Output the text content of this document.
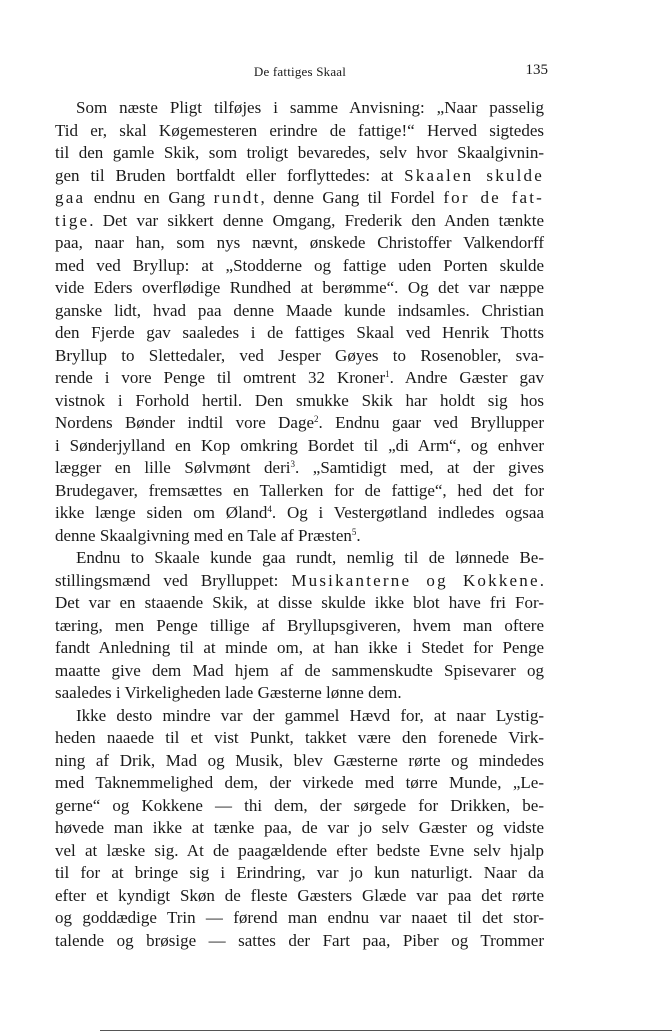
De fattiges Skaal	135
Som næste Pligt tilføjes i samme Anvisning: „Naar passelig
Tid er, skal Køgemesteren erindre de fattige!“ Herved sigtedes
til den gamle Skik, som troligt bevaredes, selv hvor Skaalgivnin-
gen til Bruden bortfaldt eller forflyttedes: at Skaalen skulde
gaa endnu en Gang rundt, denne Gang til Fordel for de fat-
tige. Det var sikkert denne Omgang, Frederik den Anden tænkte
paa, naar han, som nys nævnt, ønskede Christoffer Valkendorff
med ved Bryllup: at „Stodderne og fattige uden Porten skulde
vide Eders overflødige Rundhed at berømme“. Og det var næppe
ganske lidt, hvad paa denne Maade kunde indsamles. Christian
den Fjerde gav saaledes i de fattiges Skaal ved Henrik Thotts
Bryllup to Slettedaler, ved Jesper Gøyes to Rosenobler, sva-
rende i vore Penge til omtrent 32 Kroner$^1$. Andre Gæster gav
vistnok i Forhold hertil. Den smukke Skik har holdt sig hos
Nordens Bønder indtil vore Dage$^2$. Endnu gaar ved Bryllupper
i Sønderjylland en Kop omkring Bordet til „di Arm“, og enhver
lægger en lille Sølvmønt deri$^3$. „Samtidigt med, at der gives
Brudegaver, fremsættes en Tallerken for de fattige“, hed det for
ikke længe siden om Øland$^4$. Og i Vestergøtland indledes ogsaa
denne Skaalgivning med en Tale af Præsten$^5$.
Endnu to Skaale kunde gaa rundt, nemlig til de lønnede Be-
stillingsmænd ved Brylluppet: Musikanterne og Kokkene.
Det var en staaende Skik, at disse skulde ikke blot have fri For-
tæring, men Penge tillige af Bryllupsgiveren, hvem man oftere
fandt Anledning til at minde om, at han ikke i Stedet for Penge
maatte give dem Mad hjem af de sammenskudte Spisevarer og
saaledes i Virkeligheden lade Gæsterne lønne dem.
Ikke desto mindre var der gammel Hævd for, at naar Lystig-
heden naaede til et vist Punkt, takket være den forenede Virk-
ning af Drik, Mad og Musik, blev Gæsterne rørte og mindedes
med Taknemmelighed dem, der virkede med tørre Munde, „Le-
gerne“ og Kokkene — thi dem, der sørgede for Drikken, be-
høvede man ikke at tænke paa, de var jo selv Gæster og vidste
vel at læske sig. At de paagældende efter bedste Evne selv hjalp
til for at bringe sig i Erindring, var jo kun naturligt. Naar da
efter et kyndigt Skøn de fleste Gæsters Glæde var paa det rørte
og goddædige Trin — førend man endnu var naaet til det stor-
talende og brøsige — sattes der Fart paa, Piber og Trommer
